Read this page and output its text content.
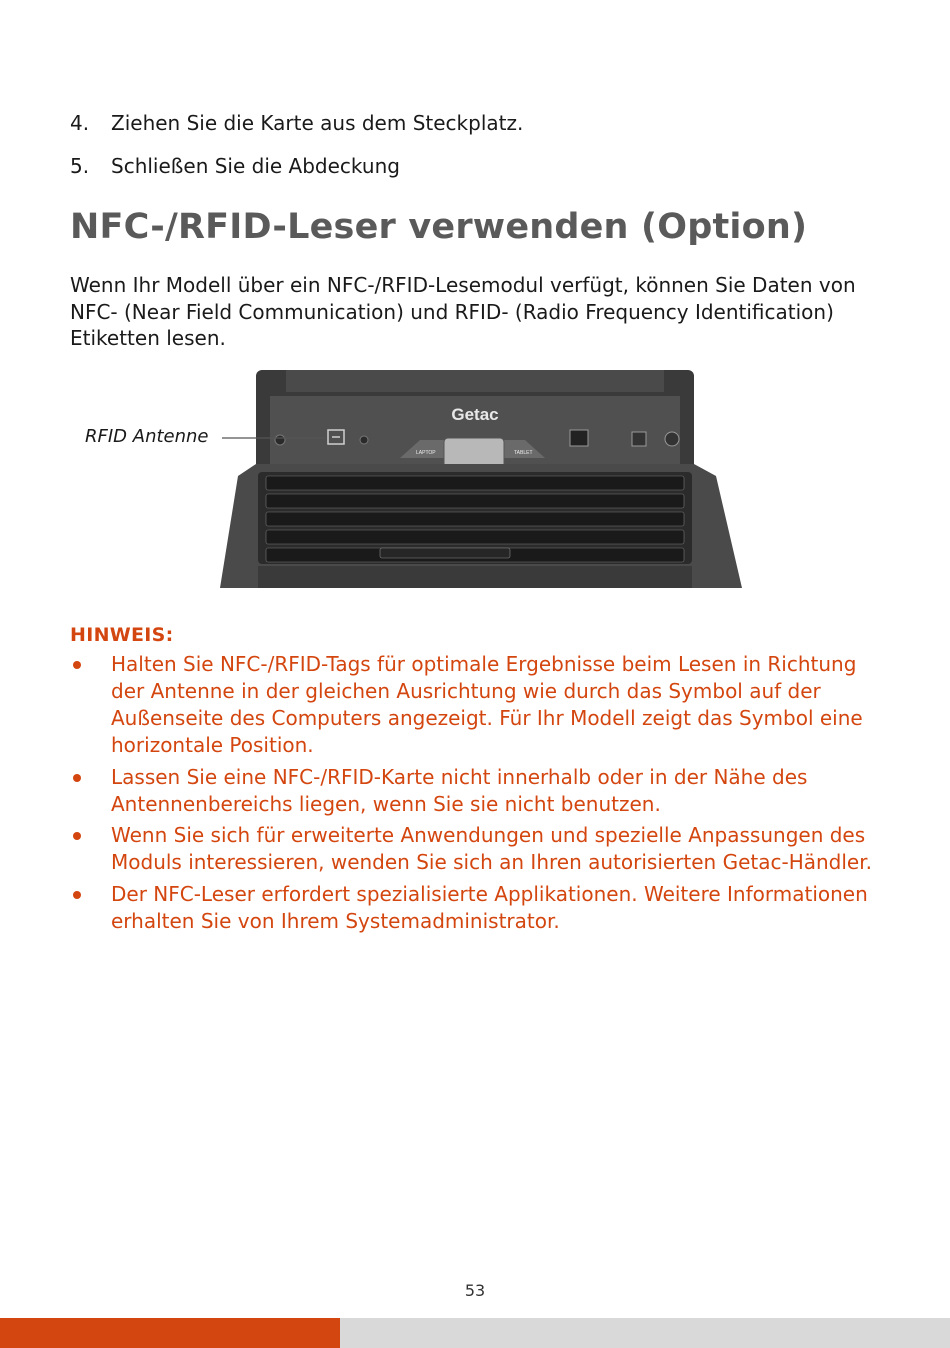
4.	Ziehen Sie die Karte aus dem Steckplatz.
5.	Schließen Sie die Abdeckung
NFC-/RFID-Leser verwenden (Option)

Wenn Ihr Modell über ein NFC-/RFID-Lesemodul verfügt, können Sie Daten von NFC- (Near Field Communication) und RFID- (Radio Frequency Identification) Etiketten lesen.

Getac
LAPTOP	TABLET
RFID Antenne
HINWEIS:
Halten Sie NFC-/RFID-Tags für optimale Ergebnisse beim Lesen in Richtung der Antenne in der gleichen Ausrichtung wie durch das Symbol auf der Außenseite des Computers angezeigt. Für Ihr Modell zeigt das Symbol eine horizontale Position.
Lassen Sie eine NFC-/RFID-Karte nicht innerhalb oder in der Nähe des Antennenbereichs liegen, wenn Sie sie nicht benutzen.
Wenn Sie sich für erweiterte Anwendungen und spezielle Anpassungen des Moduls interessieren, wenden Sie sich an Ihren autorisierten Getac-Händler.
Der NFC-Leser erfordert spezialisierte Applikationen. Weitere Informationen erhalten Sie von Ihrem Systemadministrator.
53
